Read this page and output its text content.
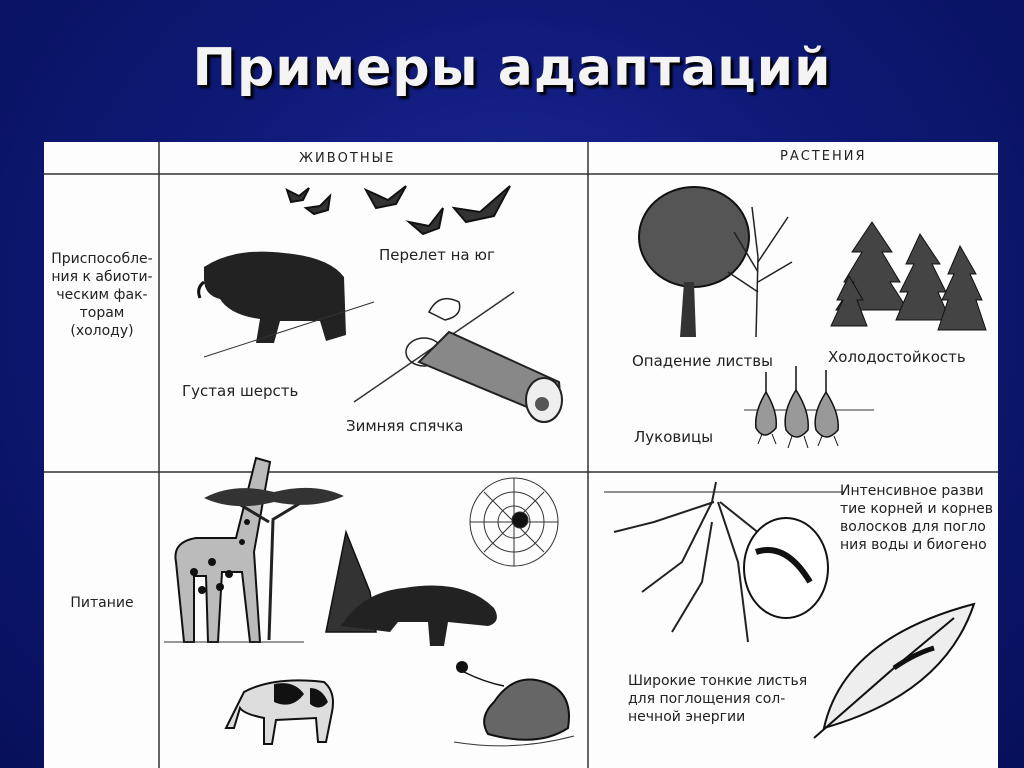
Примеры адаптаций
ЖИВОТНЫЕ	РАСТЕНИЯ
Приспособле-
ния к абиоти-
ческим фак-
торам
(холоду)
Перелет на юг
Густая шерсть
Зимняя спячка
Опадение листвы	Холодостойкость
Луковицы
Питание
Интенсивное разви
тие корней и корнев
волосков для погло
ния воды и биогено
Широкие тонкие листья
для поглощения сол-
нечной энергии
